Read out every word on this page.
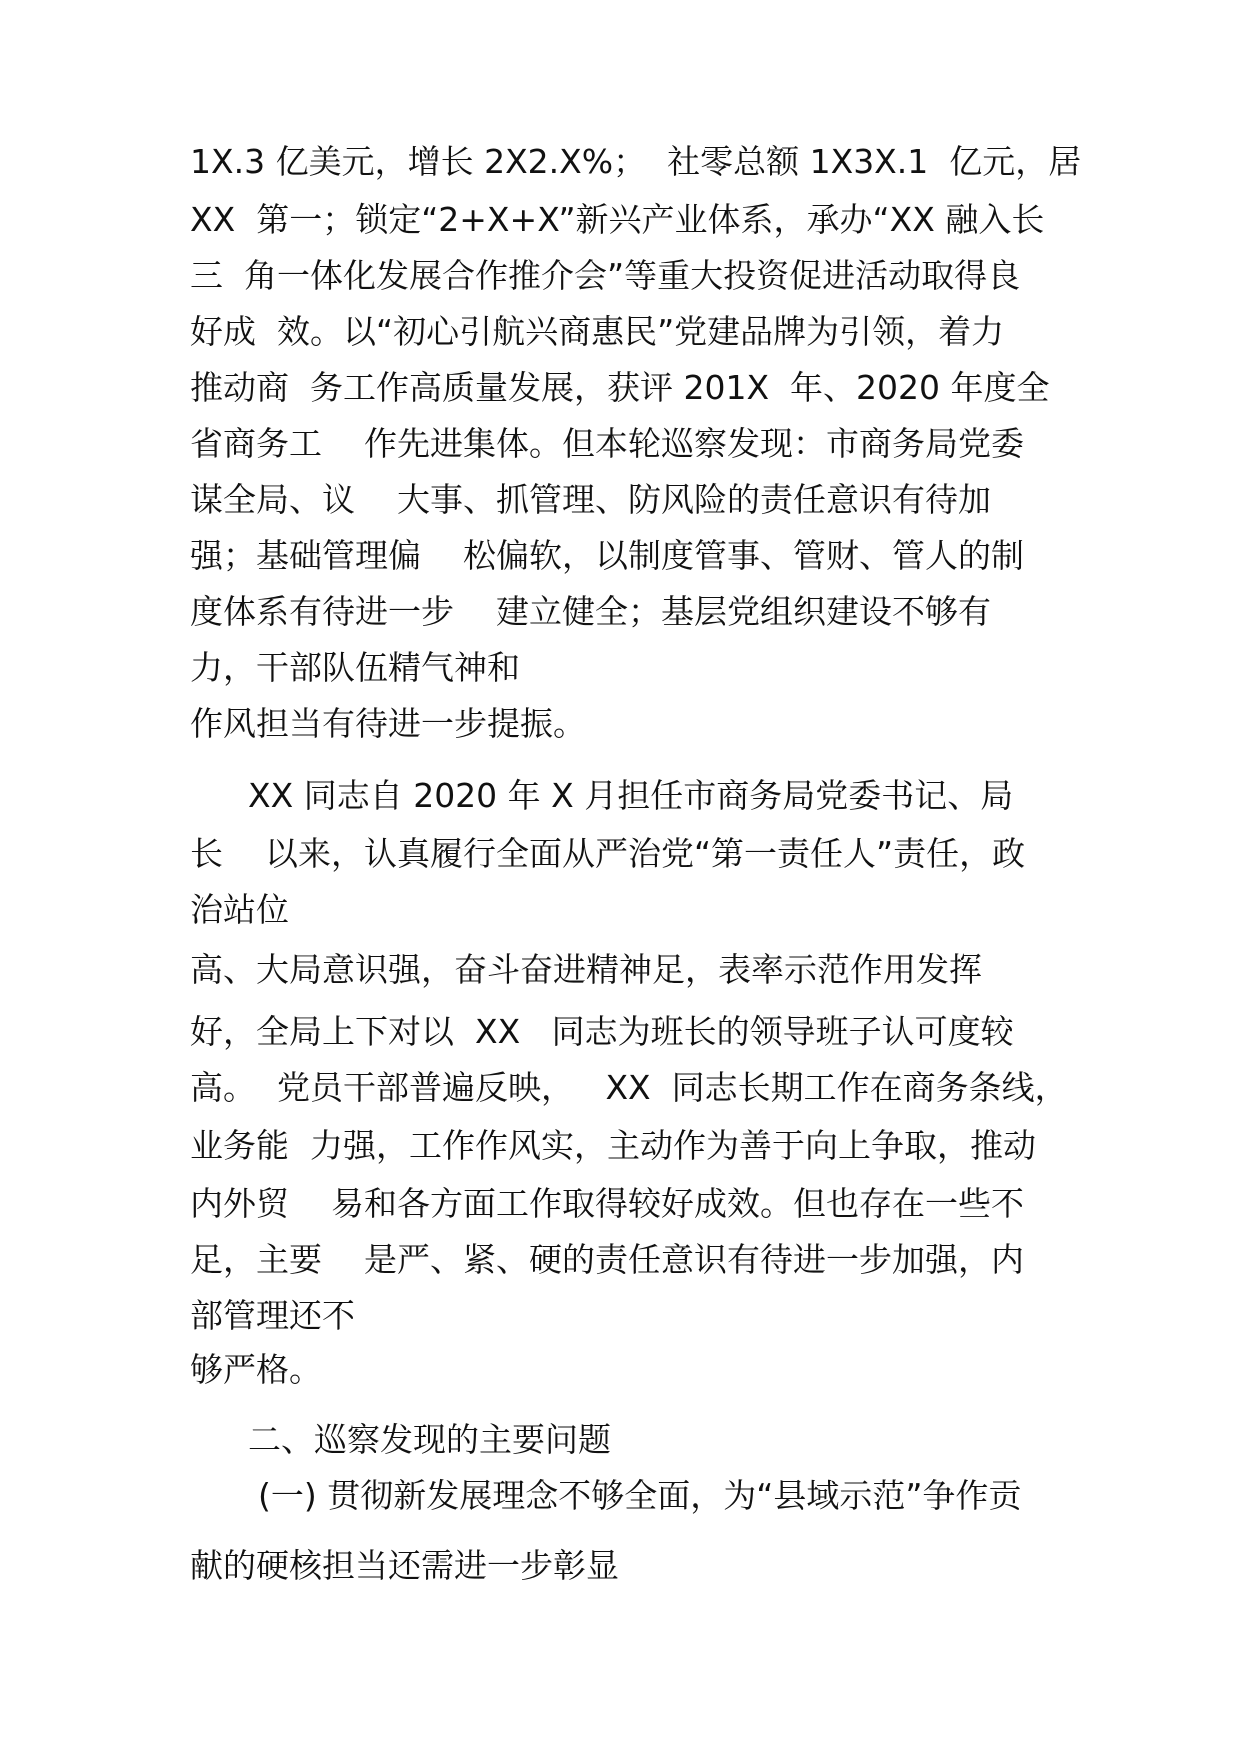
1X.3 亿美元，增长 2X2.X%；  社零总额 1X3X.1  亿元，居
XX  第一；锁定“2+X+X”新兴产业体系，承办“XX 融入长
三  角一体化发展合作推介会”等重大投资促进活动取得良
好成  效。以“初心引航兴商惠民”党建品牌为引领，着力
推动商  务工作高质量发展，获评 201X  年、2020 年度全
省商务工    作先进集体。但本轮巡察发现：市商务局党委
谋全局、议    大事、抓管理、防风险的责任意识有待加
强；基础管理偏    松偏软，以制度管事、管财、管人的制
度体系有待进一步    建立健全；基层党组织建设不够有
力，干部队伍精气神和
作风担当有待进一步提振。
XX 同志自 2020 年 X 月担任市商务局党委书记、局
长    以来，认真履行全面从严治党“第一责任人”责任，政
治站位
高、大局意识强，奋斗奋进精神足，表率示范作用发挥
好，全局上下对以  XX   同志为班长的领导班子认可度较
高。  党员干部普遍反映，   XX  同志长期工作在商务条线，
业务能  力强，工作作风实，主动作为善于向上争取，推动
内外贸    易和各方面工作取得较好成效。但也存在一些不
足，主要    是严、紧、硬的责任意识有待进一步加强，内
部管理还不
够严格。
二、巡察发现的主要问题
(一) 贯彻新发展理念不够全面，为“县域示范”争作贡
献的硬核担当还需进一步彰显
